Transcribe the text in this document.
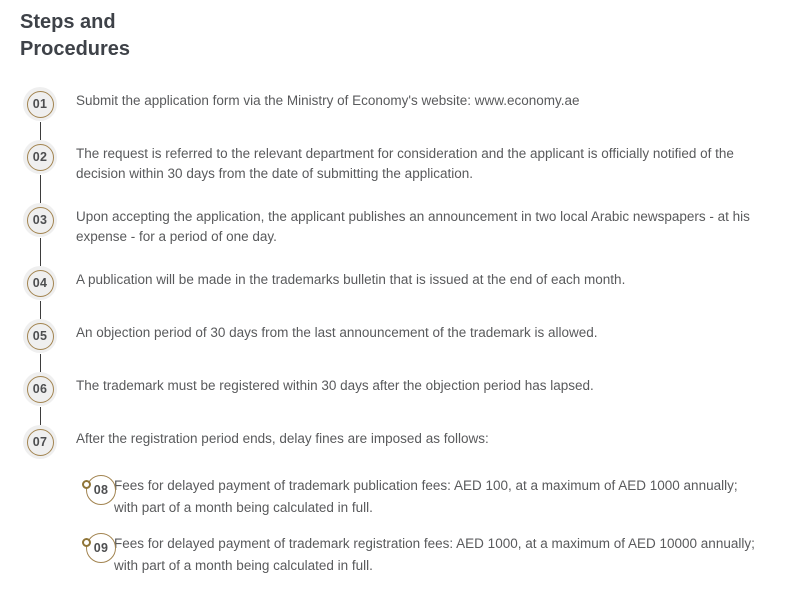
Steps and Procedures
01 Submit the application form via the Ministry of Economy's website: www.economy.ae
02 The request is referred to the relevant department for consideration and the applicant is officially notified of the decision within 30 days from the date of submitting the application.
03 Upon accepting the application, the applicant publishes an announcement in two local Arabic newspapers - at his expense - for a period of one day.
04 A publication will be made in the trademarks bulletin that is issued at the end of each month.
05 An objection period of 30 days from the last announcement of the trademark is allowed.
06 The trademark must be registered within 30 days after the objection period has lapsed.
07 After the registration period ends, delay fines are imposed as follows:
08 Fees for delayed payment of trademark publication fees: AED 100, at a maximum of AED 1000 annually; with part of a month being calculated in full.
09 Fees for delayed payment of trademark registration fees: AED 1000, at a maximum of AED 10000 annually; with part of a month being calculated in full.
